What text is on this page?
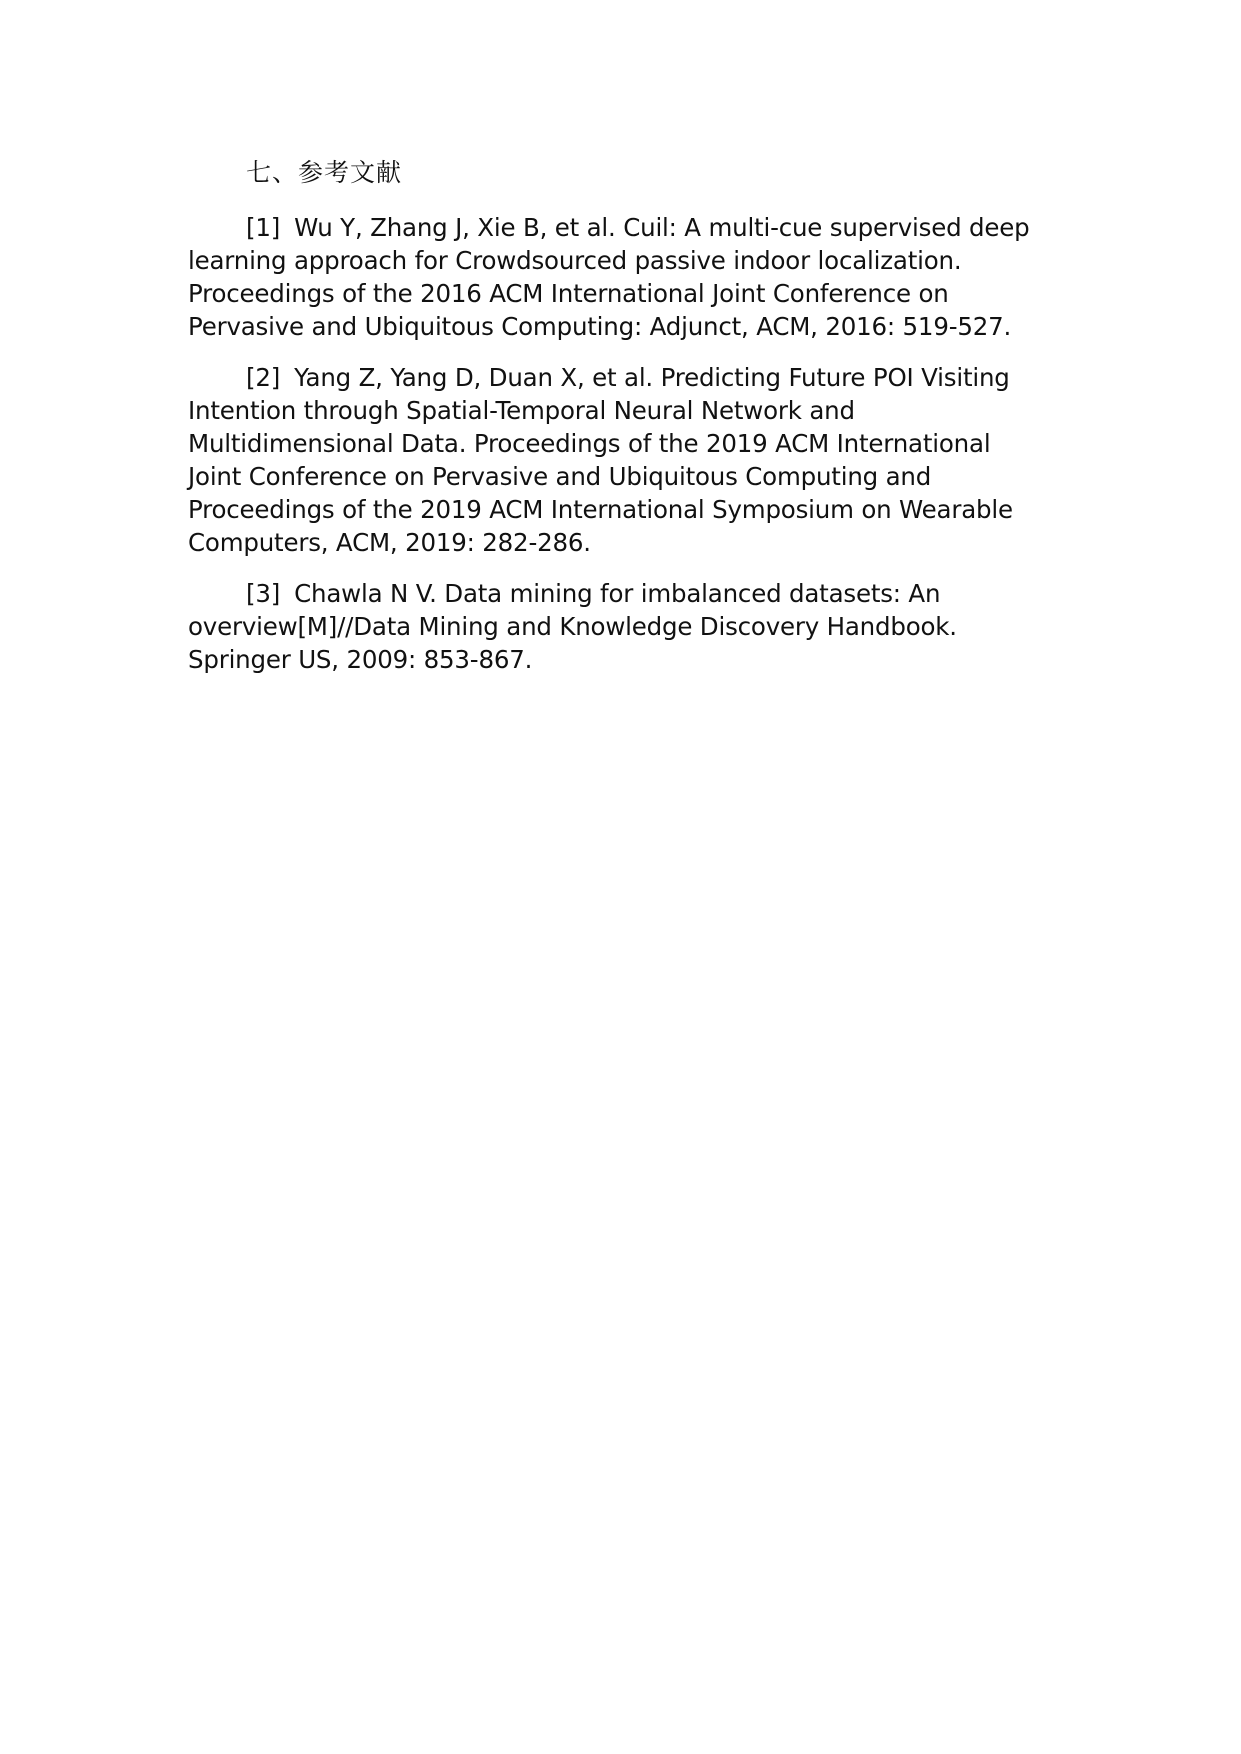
七、参考文献
[1] Wu Y, Zhang J, Xie B, et al. Cuil: A multi-cue supervised deep learning approach for Crowdsourced passive indoor localization. Proceedings of the 2016 ACM International Joint Conference on Pervasive and Ubiquitous Computing: Adjunct, ACM, 2016: 519-527.
[2] Yang Z, Yang D, Duan X, et al. Predicting Future POI Visiting Intention through Spatial-Temporal Neural Network and Multidimensional Data. Proceedings of the 2019 ACM International Joint Conference on Pervasive and Ubiquitous Computing and Proceedings of the 2019 ACM International Symposium on Wearable Computers, ACM, 2019: 282-286.
[3] Chawla N V. Data mining for imbalanced datasets: An overview[M]//Data Mining and Knowledge Discovery Handbook. Springer US, 2009: 853-867.
